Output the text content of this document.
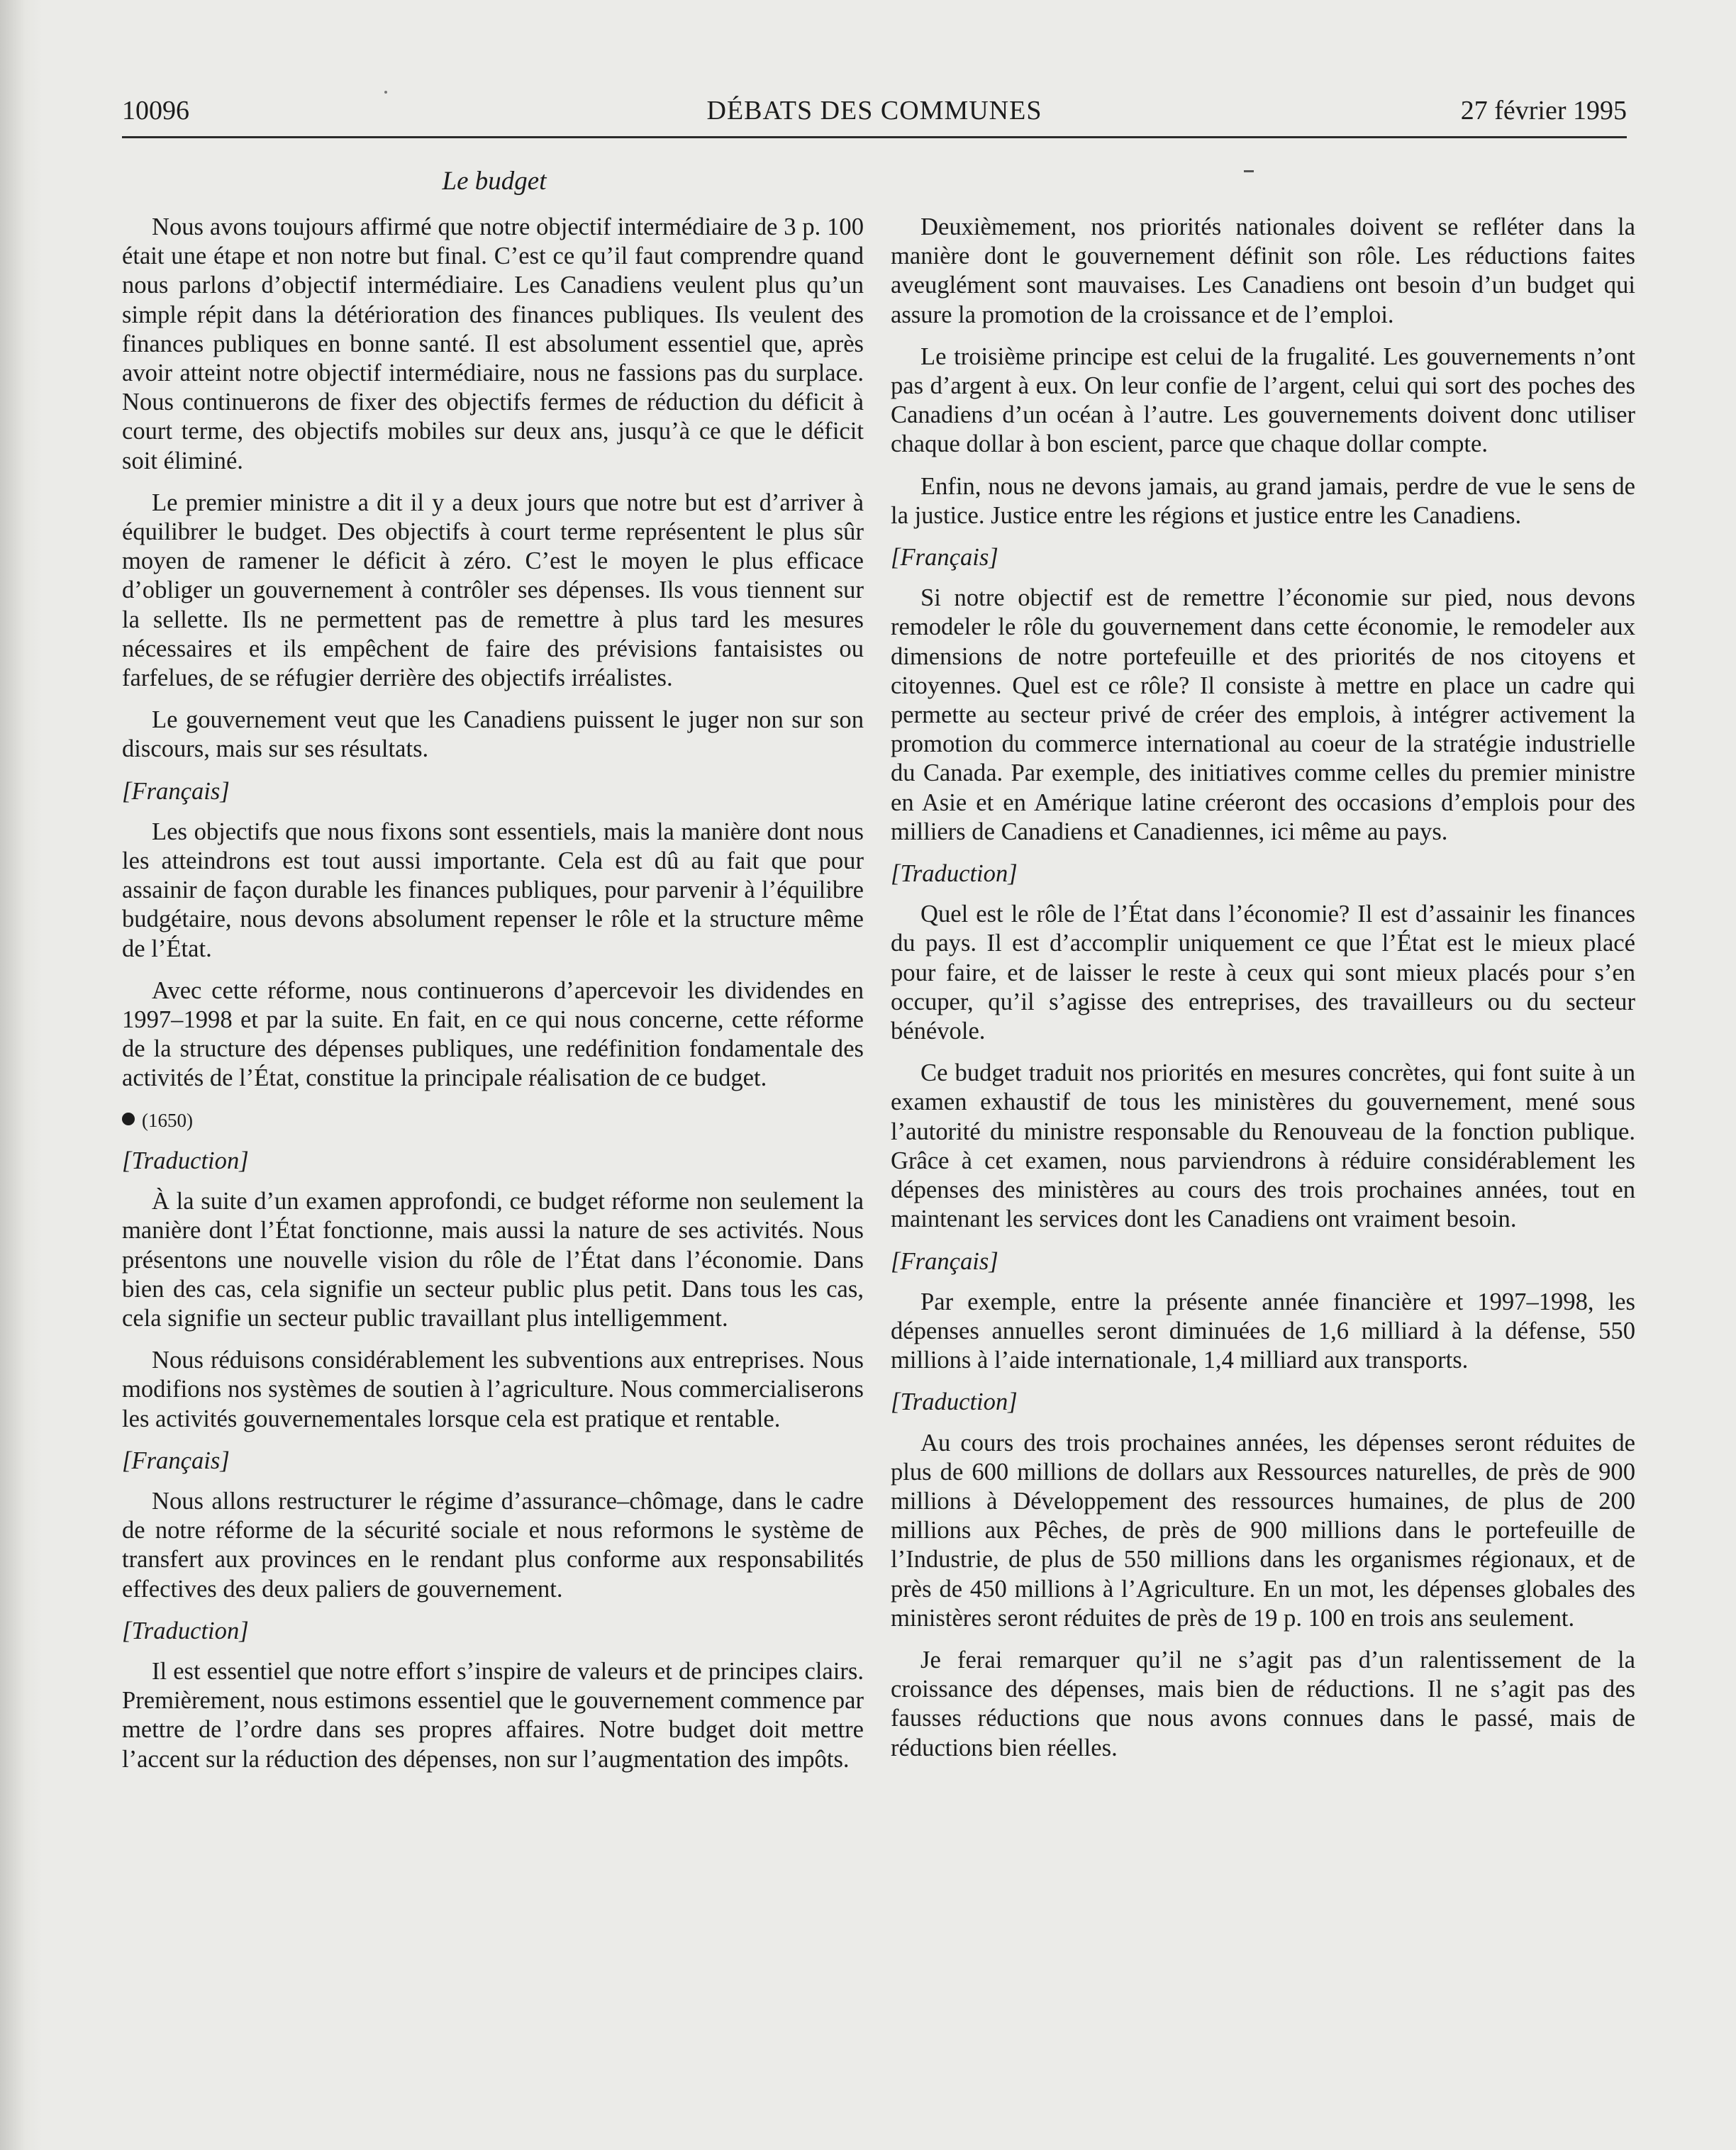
10096	DÉBATS DES COMMUNES	27 février 1995
Le budget

Nous avons toujours affirmé que notre objectif intermédiaire de 3 p. 100 était une étape et non notre but final. C’est ce qu’il faut comprendre quand nous parlons d’objectif intermédiaire. Les Canadiens veulent plus qu’un simple répit dans la détérioration des finances publiques. Ils veulent des finances publiques en bonne santé. Il est absolument essentiel que, après avoir atteint notre objectif intermédiaire, nous ne fassions pas du surplace. Nous continuerons de fixer des objectifs fermes de réduction du déficit à court terme, des objectifs mobiles sur deux ans, jusqu’à ce que le déficit soit éliminé.

Le premier ministre a dit il y a deux jours que notre but est d’arriver à équilibrer le budget. Des objectifs à court terme représentent le plus sûr moyen de ramener le déficit à zéro. C’est le moyen le plus efficace d’obliger un gouvernement à contrôler ses dépenses. Ils vous tiennent sur la sellette. Ils ne permettent pas de remettre à plus tard les mesures nécessaires et ils empêchent de faire des prévisions fantaisistes ou farfelues, de se réfugier derrière des objectifs irréalistes.

Le gouvernement veut que les Canadiens puissent le juger non sur son discours, mais sur ses résultats.

[Français]

Les objectifs que nous fixons sont essentiels, mais la manière dont nous les atteindrons est tout aussi importante. Cela est dû au fait que pour assainir de façon durable les finances publiques, pour parvenir à l’équilibre budgétaire, nous devons absolument repenser le rôle et la structure même de l’État.

Avec cette réforme, nous continuerons d’apercevoir les dividendes en 1997–1998 et par la suite. En fait, en ce qui nous concerne, cette réforme de la structure des dépenses publiques, une redéfinition fondamentale des activités de l’État, constitue la principale réalisation de ce budget.

(1650)

[Traduction]

À la suite d’un examen approfondi, ce budget réforme non seulement la manière dont l’État fonctionne, mais aussi la nature de ses activités. Nous présentons une nouvelle vision du rôle de l’État dans l’économie. Dans bien des cas, cela signifie un secteur public plus petit. Dans tous les cas, cela signifie un secteur public travaillant plus intelligemment.

Nous réduisons considérablement les subventions aux entreprises. Nous modifions nos systèmes de soutien à l’agriculture. Nous commercialiserons les activités gouvernementales lorsque cela est pratique et rentable.

[Français]

Nous allons restructurer le régime d’assurance–chômage, dans le cadre de notre réforme de la sécurité sociale et nous reformons le système de transfert aux provinces en le rendant plus conforme aux responsabilités effectives des deux paliers de gouvernement.

[Traduction]

Il est essentiel que notre effort s’inspire de valeurs et de principes clairs. Premièrement, nous estimons essentiel que le gouvernement commence par mettre de l’ordre dans ses propres affaires. Notre budget doit mettre l’accent sur la réduction des dépenses, non sur l’augmentation des impôts.

Deuxièmement, nos priorités nationales doivent se refléter dans la manière dont le gouvernement définit son rôle. Les réductions faites aveuglément sont mauvaises. Les Canadiens ont besoin d’un budget qui assure la promotion de la croissance et de l’emploi.

Le troisième principe est celui de la frugalité. Les gouvernements n’ont pas d’argent à eux. On leur confie de l’argent, celui qui sort des poches des Canadiens d’un océan à l’autre. Les gouvernements doivent donc utiliser chaque dollar à bon escient, parce que chaque dollar compte.

Enfin, nous ne devons jamais, au grand jamais, perdre de vue le sens de la justice. Justice entre les régions et justice entre les Canadiens.

[Français]

Si notre objectif est de remettre l’économie sur pied, nous devons remodeler le rôle du gouvernement dans cette économie, le remodeler aux dimensions de notre portefeuille et des priorités de nos citoyens et citoyennes. Quel est ce rôle? Il consiste à mettre en place un cadre qui permette au secteur privé de créer des emplois, à intégrer activement la promotion du commerce international au coeur de la stratégie industrielle du Canada. Par exemple, des initiatives comme celles du premier ministre en Asie et en Amérique latine créeront des occasions d’emplois pour des milliers de Canadiens et Canadiennes, ici même au pays.

[Traduction]

Quel est le rôle de l’État dans l’économie? Il est d’assainir les finances du pays. Il est d’accomplir uniquement ce que l’État est le mieux placé pour faire, et de laisser le reste à ceux qui sont mieux placés pour s’en occuper, qu’il s’agisse des entreprises, des travailleurs ou du secteur bénévole.

Ce budget traduit nos priorités en mesures concrètes, qui font suite à un examen exhaustif de tous les ministères du gouvernement, mené sous l’autorité du ministre responsable du Renouveau de la fonction publique. Grâce à cet examen, nous parviendrons à réduire considérablement les dépenses des ministères au cours des trois prochaines années, tout en maintenant les services dont les Canadiens ont vraiment besoin.

[Français]

Par exemple, entre la présente année financière et 1997–1998, les dépenses annuelles seront diminuées de 1,6 milliard à la défense, 550 millions à l’aide internationale, 1,4 milliard aux transports.

[Traduction]

Au cours des trois prochaines années, les dépenses seront réduites de plus de 600 millions de dollars aux Ressources naturelles, de près de 900 millions à Développement des ressources humaines, de plus de 200 millions aux Pêches, de près de 900 millions dans le portefeuille de l’Industrie, de plus de 550 millions dans les organismes régionaux, et de près de 450 millions à l’Agriculture. En un mot, les dépenses globales des ministères seront réduites de près de 19 p. 100 en trois ans seulement.

Je ferai remarquer qu’il ne s’agit pas d’un ralentissement de la croissance des dépenses, mais bien de réductions. Il ne s’agit pas des fausses réductions que nous avons connues dans le passé, mais de réductions bien réelles.
